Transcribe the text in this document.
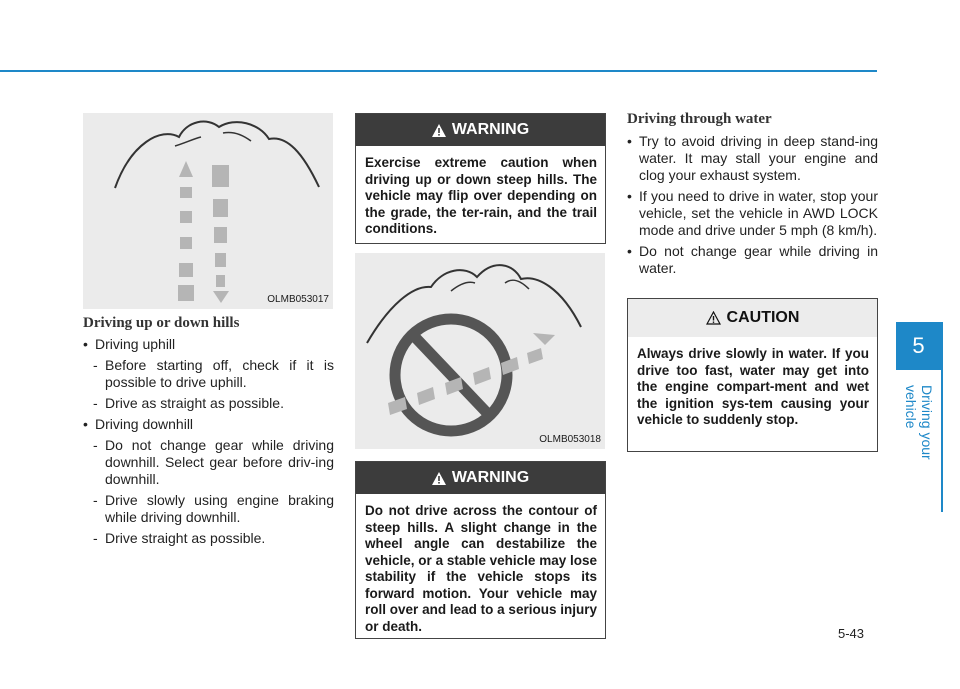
OLMB053017
Driving up or down hills
• Driving uphill
- Before starting off, check if it is possible to drive uphill.
- Drive as straight as possible.
• Driving downhill
- Do not change gear while driving downhill. Select gear before driv-ing downhill.
- Drive slowly using engine braking while driving downhill.
- Drive straight as possible.
WARNING
Exercise extreme caution when driving up or down steep hills. The vehicle may flip over depending on the grade, the ter-rain, and the trail conditions.
OLMB053018
WARNING
Do not drive across the contour of steep hills. A slight change in the wheel angle can destabilize the vehicle, or a stable vehicle may lose stability if the vehicle stops its forward motion. Your vehicle may roll over and lead to a serious injury or death.
Driving through water
• Try to avoid driving in deep stand-ing water. It may stall your engine and clog your exhaust system.
• If you need to drive in water, stop your vehicle, set the vehicle in AWD LOCK mode and drive under 5 mph (8 km/h).
• Do not change gear while driving in water.
CAUTION
Always drive slowly in water. If you drive too fast, water may get into the engine compart-ment and wet the ignition sys-tem causing your vehicle to suddenly stop.
5
Driving your vehicle
5-43
